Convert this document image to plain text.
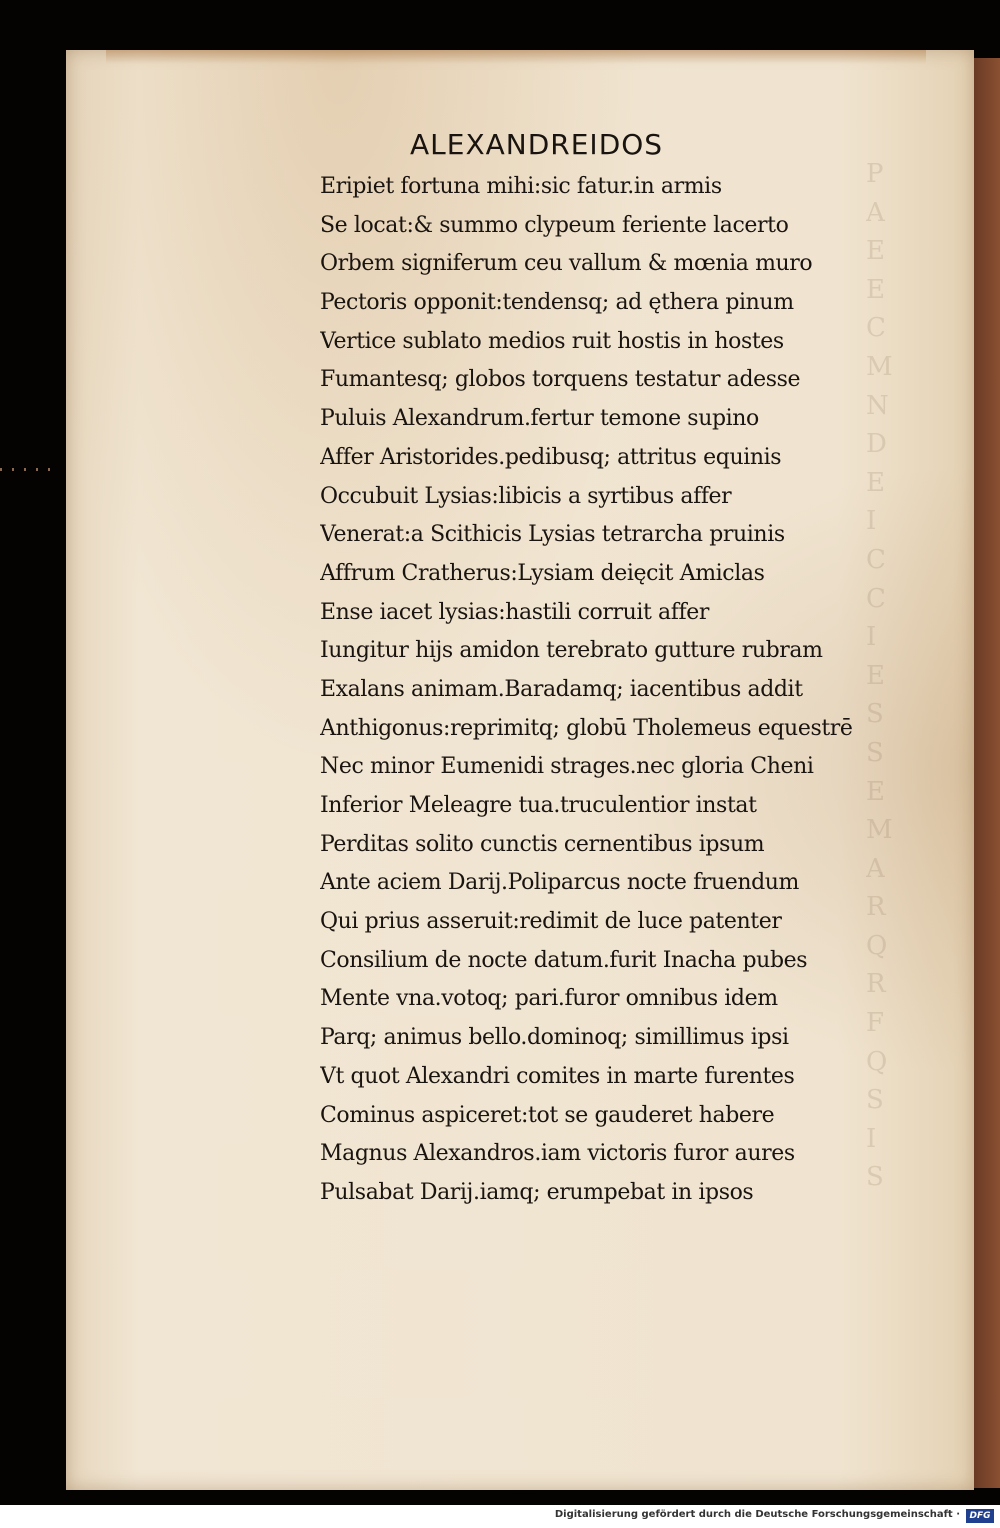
P
A
E
E
C
M
N
D
E
I
C
C
I
E
S
S
E
M
A
R
Q
R
F
Q
S
I
S
ALEXANDREIDOS
Eripiet fortuna mihi:sic fatur.in armis
Se locat:& summo clypeum feriente lacerto
Orbem signiferum ceu vallum & mœnia muro
Pectoris opponit:tendensq; ad ęthera pinum
Vertice sublato medios ruit hostis in hostes
Fumantesq; globos torquens testatur adesse
Puluis Alexandrum.fertur temone supino
Affer Aristorides.pedibusq; attritus equinis
Occubuit Lysias:libicis a syrtibus affer
Venerat:a Scithicis Lysias tetrarcha pruinis
Affrum Cratherus:Lysiam deięcit Amiclas
Ense iacet lysias:hastili corruit affer
Iungitur hijs amidon terebrato gutture rubram
Exalans animam.Baradamq; iacentibus addit
Anthigonus:reprimitq; globū Tholemeus equestrē
Nec minor Eumenidi strages.nec gloria Cheni
Inferior Meleagre tua.truculentior instat
Perditas solito cunctis cernentibus ipsum
Ante aciem Darij.Poliparcus nocte fruendum
Qui prius asseruit:redimit de luce patenter
Consilium de nocte datum.furit Inacha pubes
Mente vna.votoq; pari.furor omnibus idem
Parq; animus bello.dominoq; simillimus ipsi
Vt quot Alexandri comites in marte furentes
Cominus aspiceret:tot se gauderet habere
Magnus Alexandros.iam victoris furor aures
Pulsabat Darij.iamq; erumpebat in ipsos
Digitalisierung gefördert durch die Deutsche Forschungsgemeinschaft ·	DFG
